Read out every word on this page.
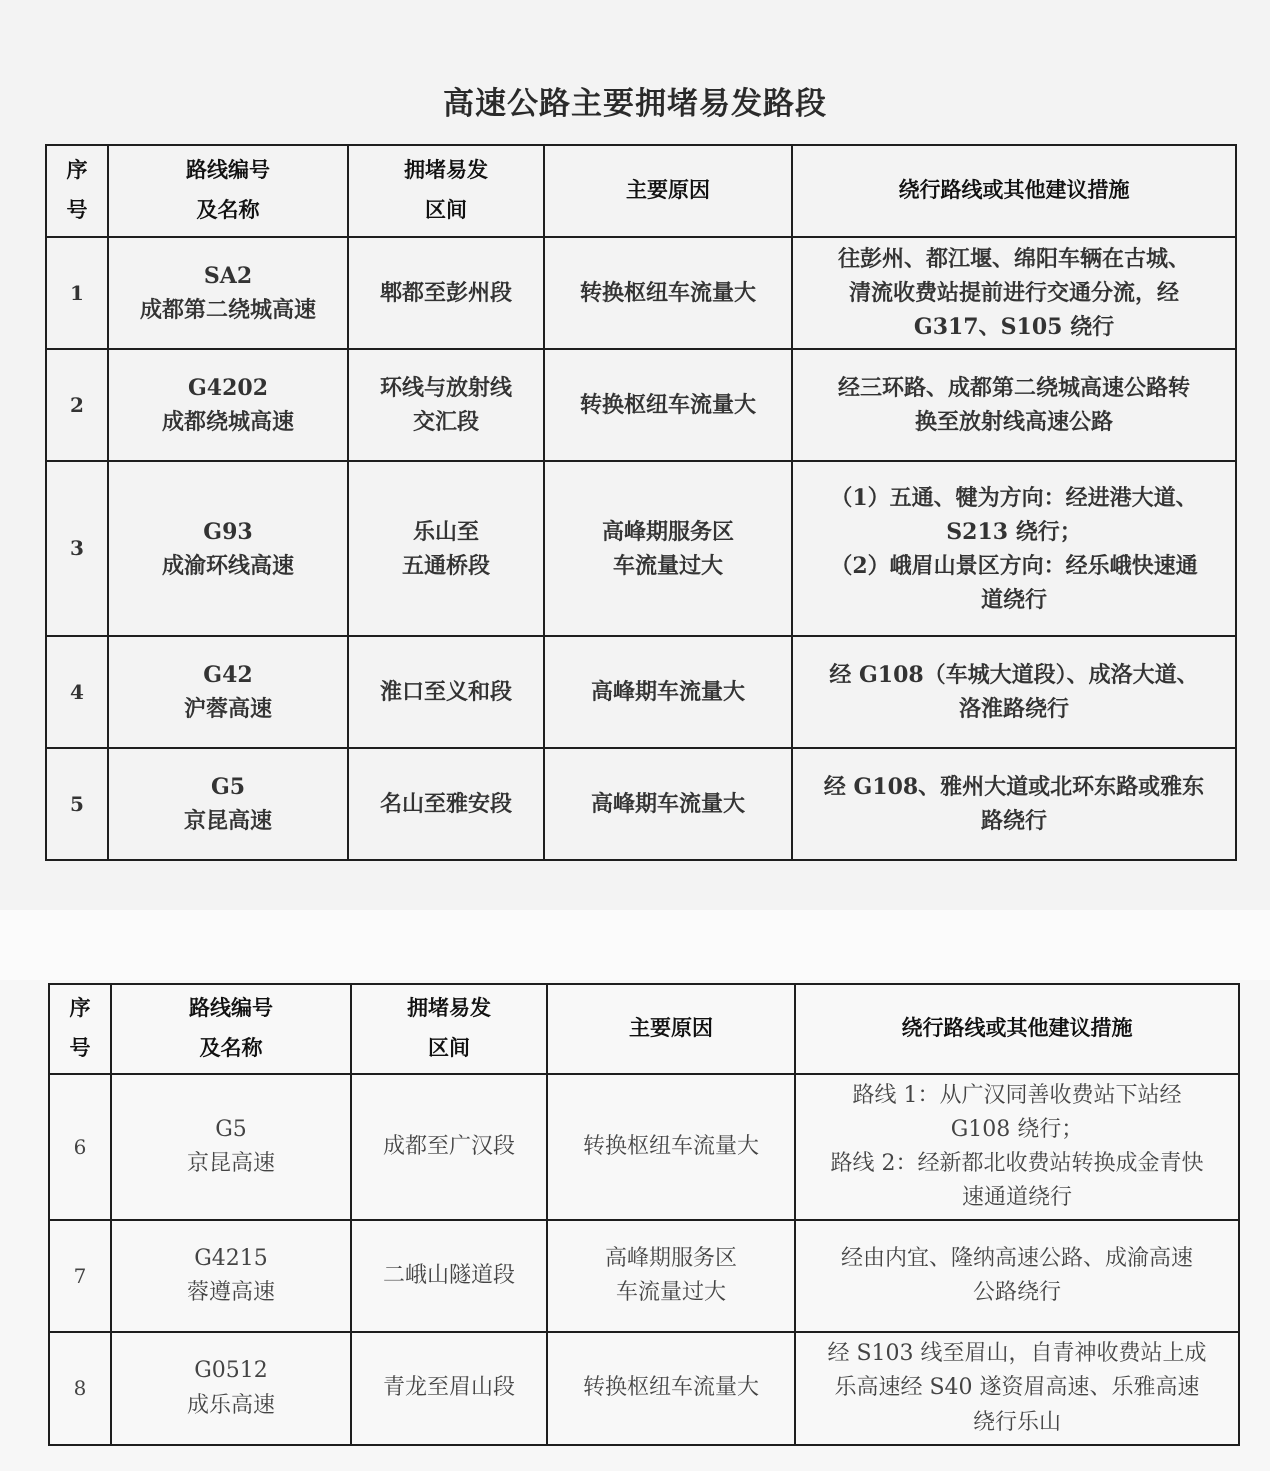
高速公路主要拥堵易发路段
序
号	路线编号
及名称	拥堵易发
区间	主要原因	绕行路线或其他建议措施
1	SA2
成都第二绕城高速	郫都至彭州段	转换枢纽车流量大	往彭州、都江堰、绵阳车辆在古城、
清流收费站提前进行交通分流，经
G317、S105 绕行

2	G4202
成都绕城高速	环线与放射线
交汇段	转换枢纽车流量大	经三环路、成都第二绕城高速公路转
换至放射线高速公路

3	G93
成渝环线高速	乐山至
五通桥段	高峰期服务区
车流量过大	（1）五通、犍为方向：经进港大道、
S213 绕行；
（2）峨眉山景区方向：经乐峨快速通
道绕行

4	G42
沪蓉高速	淮口至义和段	高峰期车流量大	经 G108（车城大道段）、成洛大道、
洛淮路绕行

5	G5
京昆高速	名山至雅安段	高峰期车流量大	经 G108、雅州大道或北环东路或雅东
路绕行
序
号	路线编号
及名称	拥堵易发
区间	主要原因	绕行路线或其他建议措施
6	G5
京昆高速	成都至广汉段	转换枢纽车流量大	路线 1：从广汉同善收费站下站经
G108 绕行；
路线 2：经新都北收费站转换成金青快
速通道绕行

7	G4215
蓉遵高速	二峨山隧道段	高峰期服务区
车流量过大	经由内宜、隆纳高速公路、成渝高速
公路绕行

8	G0512
成乐高速	青龙至眉山段	转换枢纽车流量大	经 S103 线至眉山，自青神收费站上成
乐高速经 S40 遂资眉高速、乐雅高速
绕行乐山
